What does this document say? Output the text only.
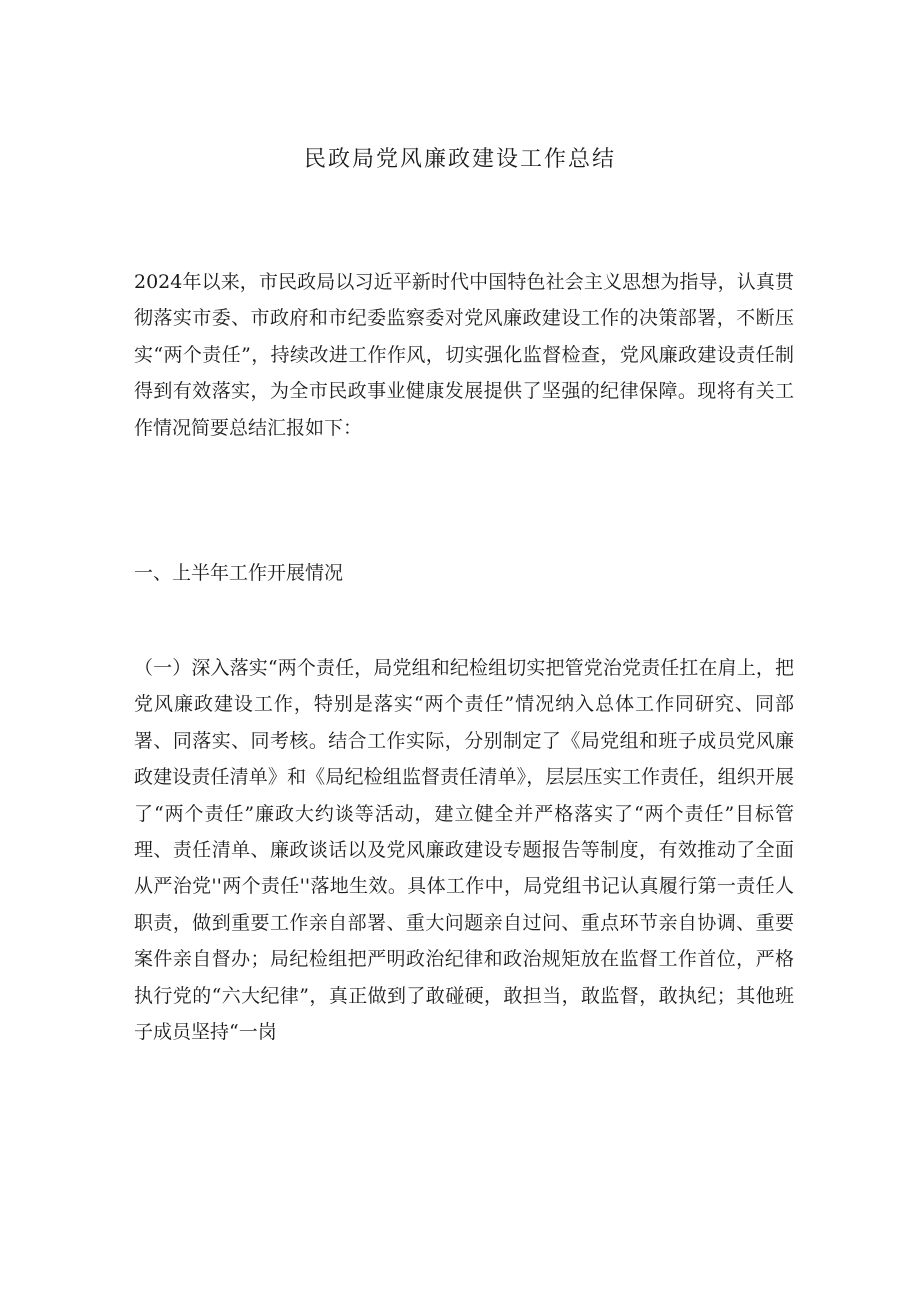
民政局党风廉政建设工作总结

2024年以来，市民政局以习近平新时代中国特色社会主义思想为指导，认真贯彻落实市委、市政府和市纪委监察委对党风廉政建设工作的决策部署，不断压实“两个责任”，持续改进工作作风，切实强化监督检查，党风廉政建设责任制得到有效落实，为全市民政事业健康发展提供了坚强的纪律保障。现将有关工作情况简要总结汇报如下：

一、上半年工作开展情况

（一）深入落实“两个责任，局党组和纪检组切实把管党治党责任扛在肩上，把党风廉政建设工作，特别是落实“两个责任”情况纳入总体工作同研究、同部署、同落实、同考核。结合工作实际，分别制定了《局党组和班子成员党风廉政建设责任清单》和《局纪检组监督责任清单》，层层压实工作责任，组织开展了“两个责任”廉政大约谈等活动，建立健全并严格落实了“两个责任”目标管理、责任清单、廉政谈话以及党风廉政建设专题报告等制度，有效推动了全面从严治党''两个责任''落地生效。具体工作中，局党组书记认真履行第一责任人职责，做到重要工作亲自部署、重大问题亲自过问、重点环节亲自协调、重要案件亲自督办；局纪检组把严明政治纪律和政治规矩放在监督工作首位，严格执行党的“六大纪律”，真正做到了敢碰硬，敢担当，敢监督，敢执纪；其他班子成员坚持“一岗
